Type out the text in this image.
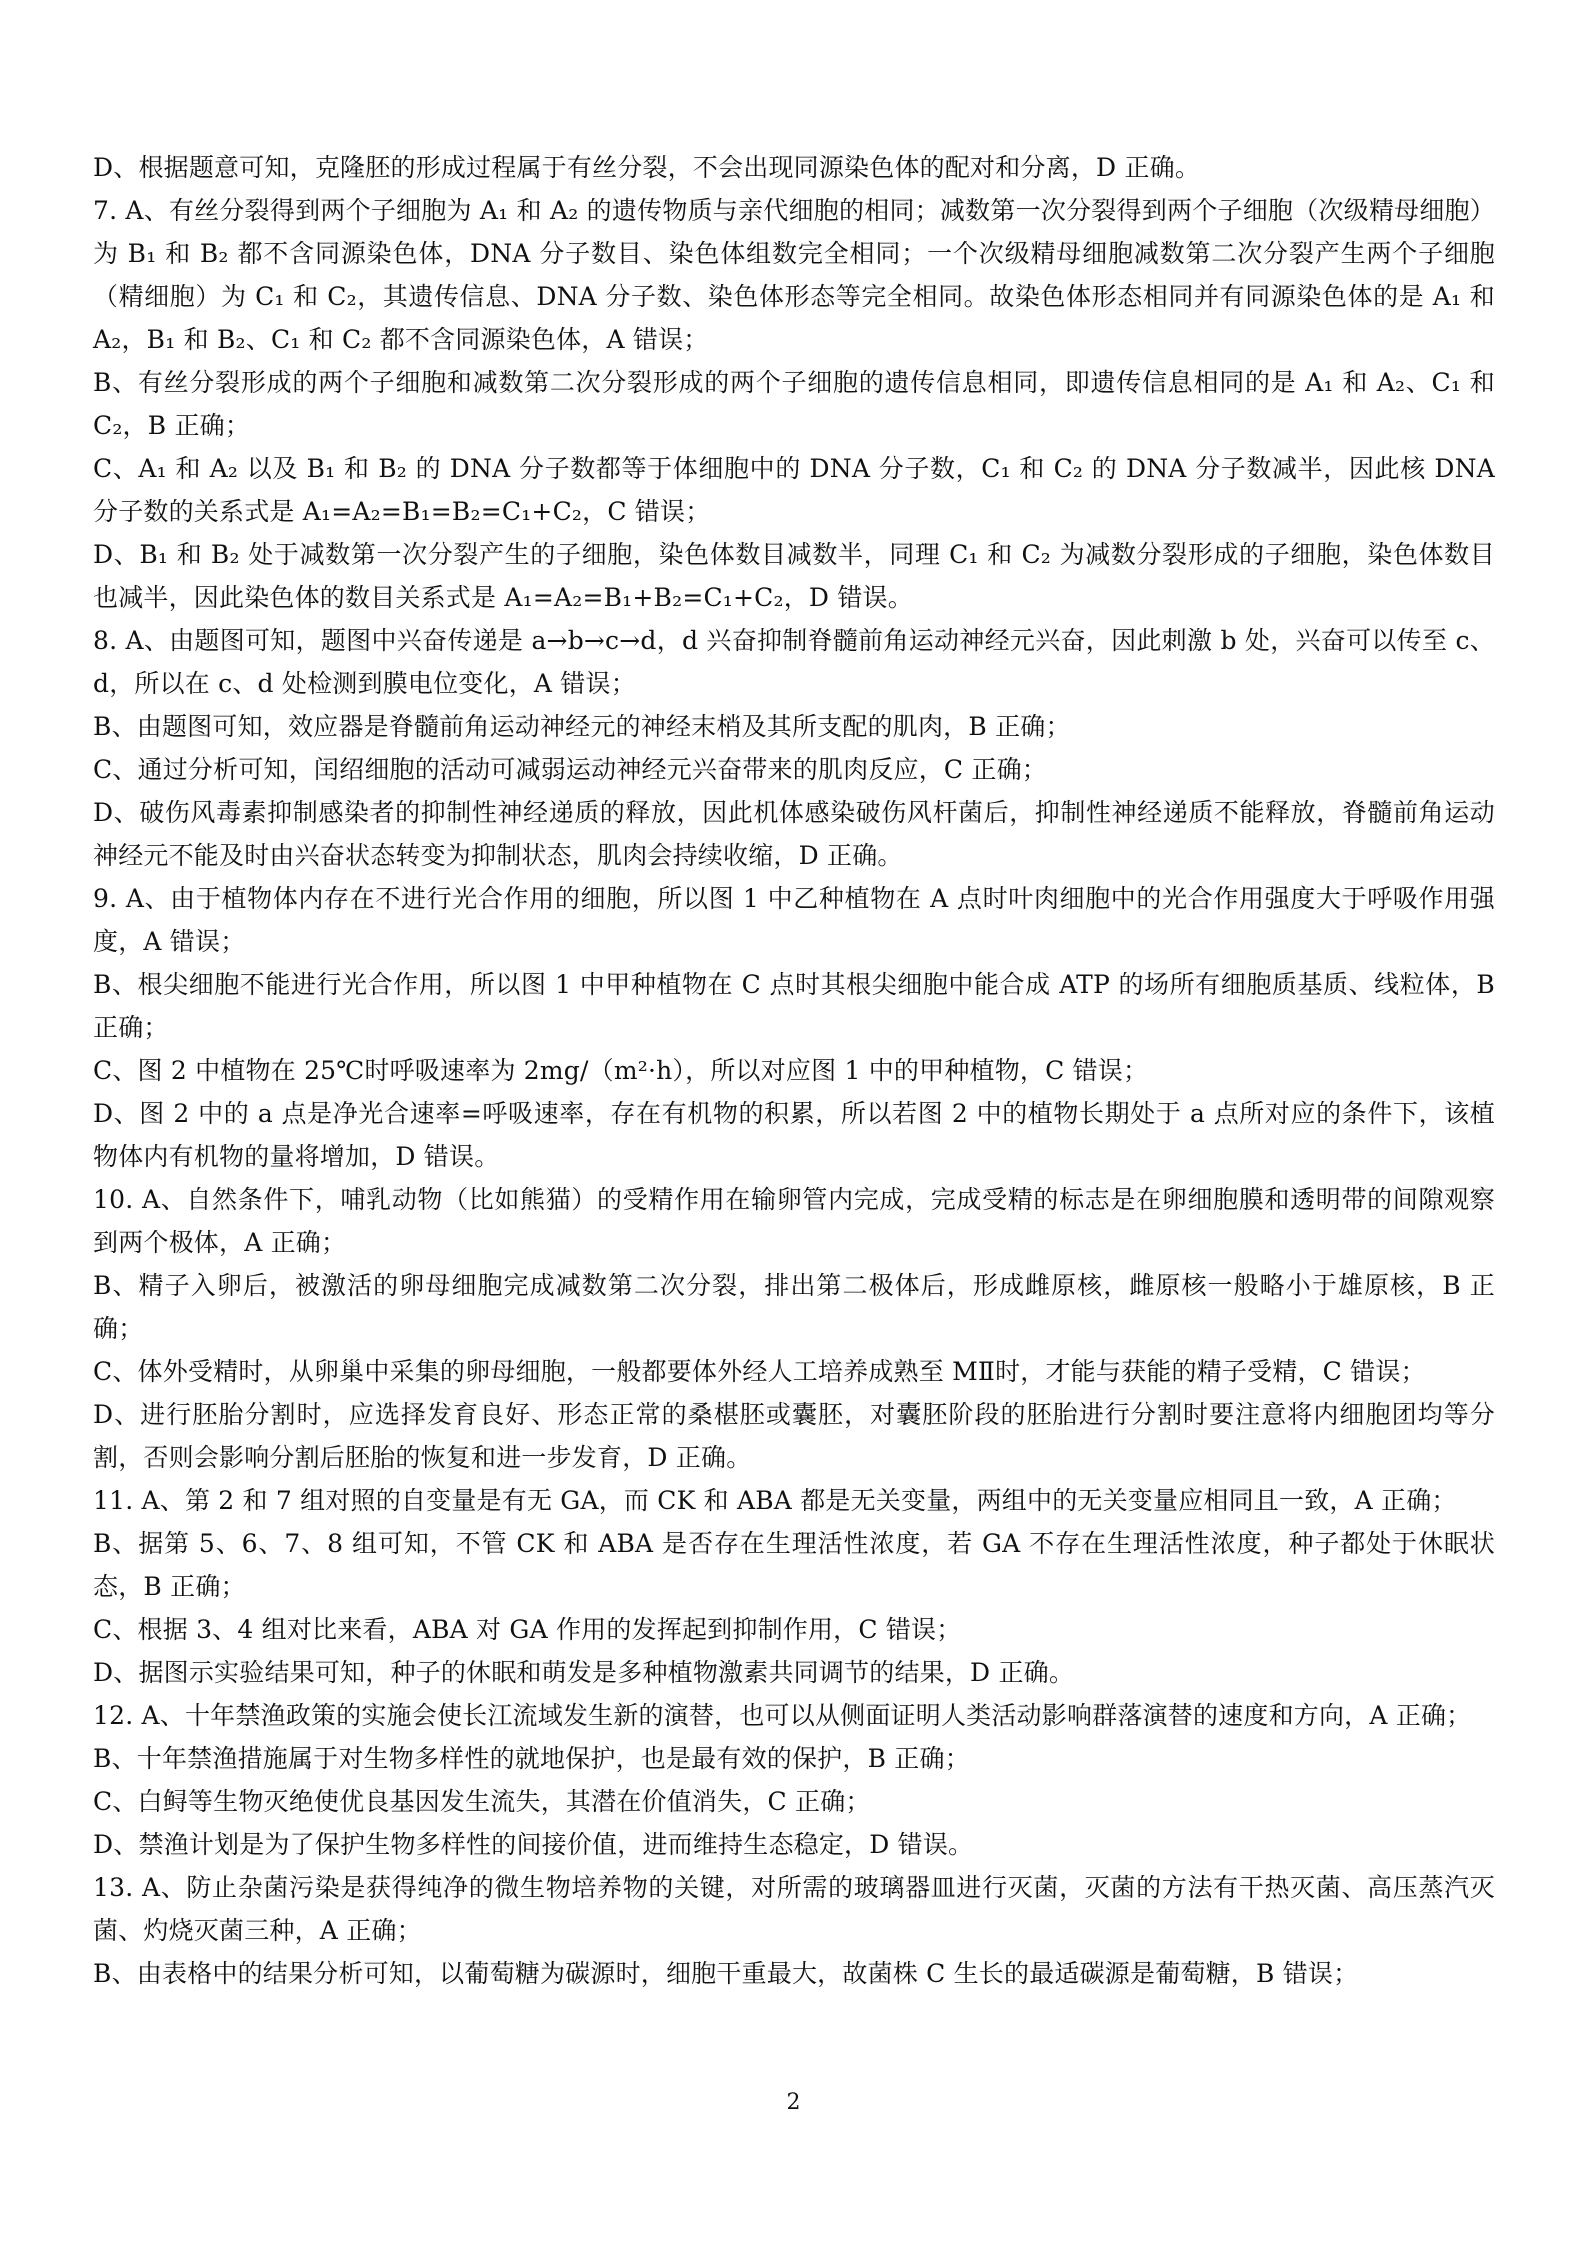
D、根据题意可知，克隆胚的形成过程属于有丝分裂，不会出现同源染色体的配对和分离，D 正确。

7. A、有丝分裂得到两个子细胞为 A₁ 和 A₂ 的遗传物质与亲代细胞的相同；减数第一次分裂得到两个子细胞（次级精母细胞）为 B₁ 和 B₂ 都不含同源染色体，DNA 分子数目、染色体组数完全相同；一个次级精母细胞减数第二次分裂产生两个子细胞（精细胞）为 C₁ 和 C₂，其遗传信息、DNA 分子数、染色体形态等完全相同。故染色体形态相同并有同源染色体的是 A₁ 和 A₂，B₁ 和 B₂、C₁ 和 C₂ 都不含同源染色体，A 错误；

B、有丝分裂形成的两个子细胞和减数第二次分裂形成的两个子细胞的遗传信息相同，即遗传信息相同的是 A₁ 和 A₂、C₁ 和 C₂，B 正确；

C、A₁ 和 A₂ 以及 B₁ 和 B₂ 的 DNA 分子数都等于体细胞中的 DNA 分子数，C₁ 和 C₂ 的 DNA 分子数减半，因此核 DNA 分子数的关系式是 A₁=A₂=B₁=B₂=C₁+C₂，C 错误；

D、B₁ 和 B₂ 处于减数第一次分裂产生的子细胞，染色体数目减数半，同理 C₁ 和 C₂ 为减数分裂形成的子细胞，染色体数目也减半，因此染色体的数目关系式是 A₁=A₂=B₁+B₂=C₁+C₂，D 错误。

8. A、由题图可知，题图中兴奋传递是 a→b→c→d，d 兴奋抑制脊髓前角运动神经元兴奋，因此刺激 b 处，兴奋可以传至 c、d，所以在 c、d 处检测到膜电位变化，A 错误；

B、由题图可知，效应器是脊髓前角运动神经元的神经末梢及其所支配的肌肉，B 正确；

C、通过分析可知，闰绍细胞的活动可减弱运动神经元兴奋带来的肌肉反应，C 正确；

D、破伤风毒素抑制感染者的抑制性神经递质的释放，因此机体感染破伤风杆菌后，抑制性神经递质不能释放，脊髓前角运动神经元不能及时由兴奋状态转变为抑制状态，肌肉会持续收缩，D 正确。

9. A、由于植物体内存在不进行光合作用的细胞，所以图 1 中乙种植物在 A 点时叶肉细胞中的光合作用强度大于呼吸作用强度，A 错误；

B、根尖细胞不能进行光合作用，所以图 1 中甲种植物在 C 点时其根尖细胞中能合成 ATP 的场所有细胞质基质、线粒体，B 正确；

C、图 2 中植物在 25℃时呼吸速率为 2mg/（m²·h），所以对应图 1 中的甲种植物，C 错误；

D、图 2 中的 a 点是净光合速率=呼吸速率，存在有机物的积累，所以若图 2 中的植物长期处于 a 点所对应的条件下，该植物体内有机物的量将增加，D 错误。

10. A、自然条件下，哺乳动物（比如熊猫）的受精作用在输卵管内完成，完成受精的标志是在卵细胞膜和透明带的间隙观察到两个极体，A 正确；

B、精子入卵后，被激活的卵母细胞完成减数第二次分裂，排出第二极体后，形成雌原核，雌原核一般略小于雄原核，B 正确；

C、体外受精时，从卵巢中采集的卵母细胞，一般都要体外经人工培养成熟至 MⅡ时，才能与获能的精子受精，C 错误；

D、进行胚胎分割时，应选择发育良好、形态正常的桑椹胚或囊胚，对囊胚阶段的胚胎进行分割时要注意将内细胞团均等分割，否则会影响分割后胚胎的恢复和进一步发育，D 正确。

11. A、第 2 和 7 组对照的自变量是有无 GA，而 CK 和 ABA 都是无关变量，两组中的无关变量应相同且一致，A 正确；

B、据第 5、6、7、8 组可知，不管 CK 和 ABA 是否存在生理活性浓度，若 GA 不存在生理活性浓度，种子都处于休眠状态，B 正确；

C、根据 3、4 组对比来看，ABA 对 GA 作用的发挥起到抑制作用，C 错误；

D、据图示实验结果可知，种子的休眠和萌发是多种植物激素共同调节的结果，D 正确。

12. A、十年禁渔政策的实施会使长江流域发生新的演替，也可以从侧面证明人类活动影响群落演替的速度和方向，A 正确；

B、十年禁渔措施属于对生物多样性的就地保护，也是最有效的保护，B 正确；

C、白鲟等生物灭绝使优良基因发生流失，其潜在价值消失，C 正确；

D、禁渔计划是为了保护生物多样性的间接价值，进而维持生态稳定，D 错误。

13. A、防止杂菌污染是获得纯净的微生物培养物的关键，对所需的玻璃器皿进行灭菌，灭菌的方法有干热灭菌、高压蒸汽灭菌、灼烧灭菌三种，A 正确；

B、由表格中的结果分析可知，以葡萄糖为碳源时，细胞干重最大，故菌株 C 生长的最适碳源是葡萄糖，B 错误；

2
